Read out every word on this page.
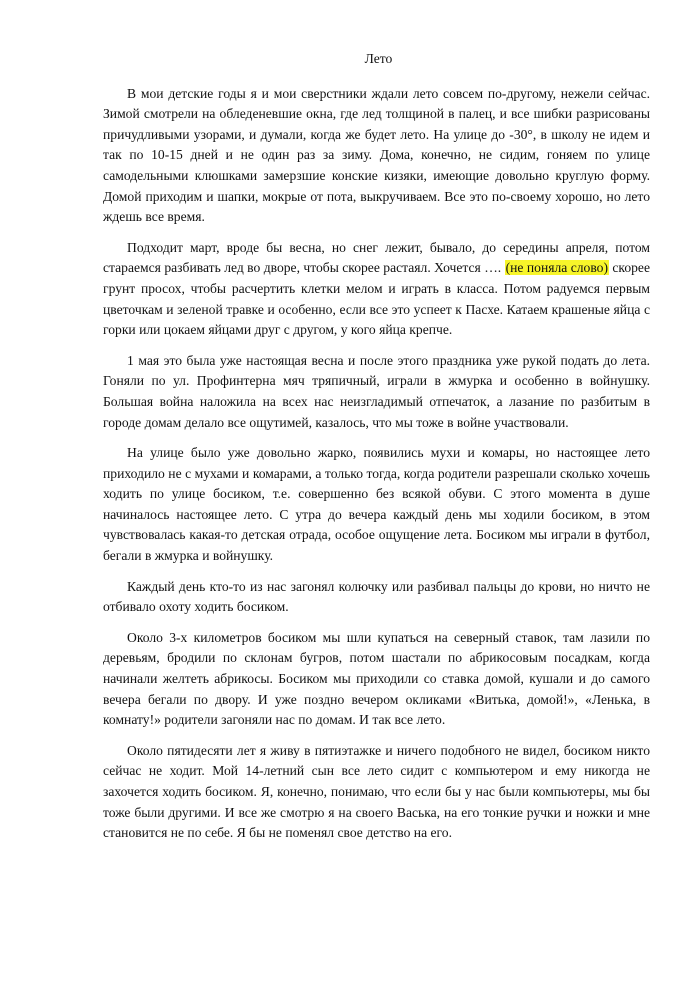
Лето

В мои детские годы я и мои сверстники ждали лето совсем по-другому, нежели сейчас. Зимой смотрели на обледеневшие окна, где лед толщиной в палец, и все шибки разрисованы причудливыми узорами, и думали, когда же будет лето. На улице до -30°, в школу не идем и так по 10-15 дней и не один раз за зиму. Дома, конечно, не сидим, гоняем по улице самодельными клюшками замерзшие конские кизяки, имеющие довольно круглую форму. Домой приходим и шапки, мокрые от пота, выкручиваем. Все это по-своему хорошо, но лето ждешь все время.

Подходит март, вроде бы весна, но снег лежит, бывало, до середины апреля, потом стараемся разбивать лед во дворе, чтобы скорее растаял. Хочется …. (не поняла слово) скорее грунт просох, чтобы расчертить клетки мелом и играть в класса. Потом радуемся первым цветочкам и зеленой травке и особенно, если все это успеет к Пасхе. Катаем крашеные яйца с горки или цокаем яйцами друг с другом, у кого яйца крепче.

1 мая это была уже настоящая весна и после этого праздника уже рукой подать до лета. Гоняли по ул. Профинтерна мяч тряпичный, играли в жмурка и особенно в войнушку. Большая война наложила на всех нас неизгладимый отпечаток, а лазание по разбитым в городе домам делало все ощутимей, казалось, что мы тоже в войне участвовали.

На улице было уже довольно жарко, появились мухи и комары, но настоящее лето приходило не с мухами и комарами, а только тогда, когда родители разрешали сколько хочешь ходить по улице босиком, т.е. совершенно без всякой обуви. С этого момента в душе начиналось настоящее лето. С утра до вечера каждый день мы ходили босиком, в этом чувствовалась какая-то детская отрада, особое ощущение лета. Босиком мы играли в футбол, бегали в жмурка и войнушку.

Каждый день кто-то из нас загонял колючку или разбивал пальцы до крови, но ничто не отбивало охоту ходить босиком.

Около 3-х километров босиком мы шли купаться на северный ставок, там лазили по деревьям, бродили по склонам бугров, потом шастали по абрикосовым посадкам, когда начинали желтеть абрикосы. Босиком мы приходили со ставка домой, кушали и до самого вечера бегали по двору. И уже поздно вечером окликами «Витька, домой!», «Ленька, в комнату!» родители загоняли нас по домам. И так все лето.

Около пятидесяти лет я живу в пятиэтажке и ничего подобного не видел, босиком никто сейчас не ходит. Мой 14-летний сын все лето сидит с компьютером и ему никогда не захочется ходить босиком. Я, конечно, понимаю, что если бы у нас были компьютеры, мы бы тоже были другими. И все же смотрю я на своего Васька, на его тонкие ручки и ножки и мне становится не по себе. Я бы не поменял свое детство на его.
